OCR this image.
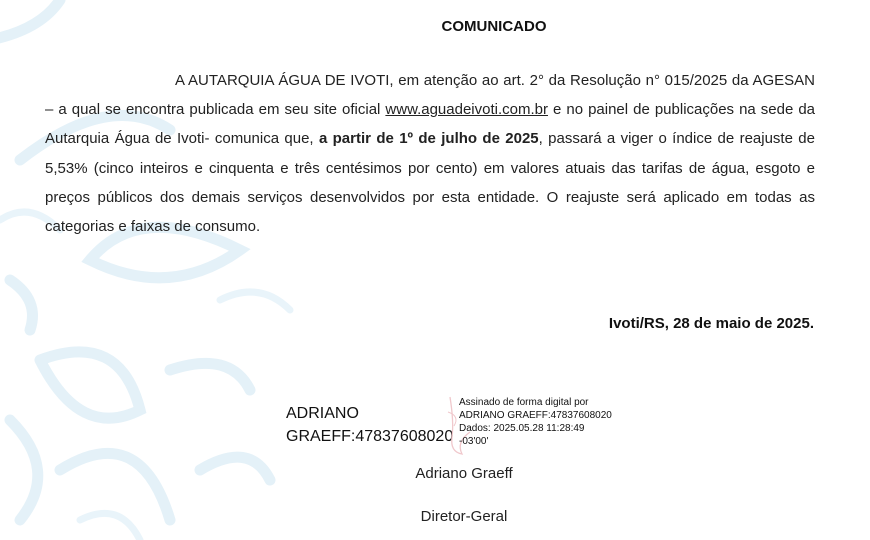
COMUNICADO
A AUTARQUIA ÁGUA DE IVOTI, em atenção ao art. 2° da Resolução n° 015/2025 da AGESAN – a qual se encontra publicada em seu site oficial www.aguadeivoti.com.br e no painel de publicações na sede da Autarquia Água de Ivoti- comunica que, a partir de 1º de julho de 2025, passará a viger o índice de reajuste de 5,53% (cinco inteiros e cinquenta e três centésimos por cento) em valores atuais das tarifas de água, esgoto e preços públicos dos demais serviços desenvolvidos por esta entidade. O reajuste será aplicado em todas as categorias e faixas de consumo.
Ivoti/RS, 28 de maio de 2025.
ADRIANO
GRAEFF:47837608020
Assinado de forma digital por
ADRIANO GRAEFF:47837608020
Dados: 2025.05.28 11:28:49
-03'00'
Adriano Graeff
Diretor-Geral
